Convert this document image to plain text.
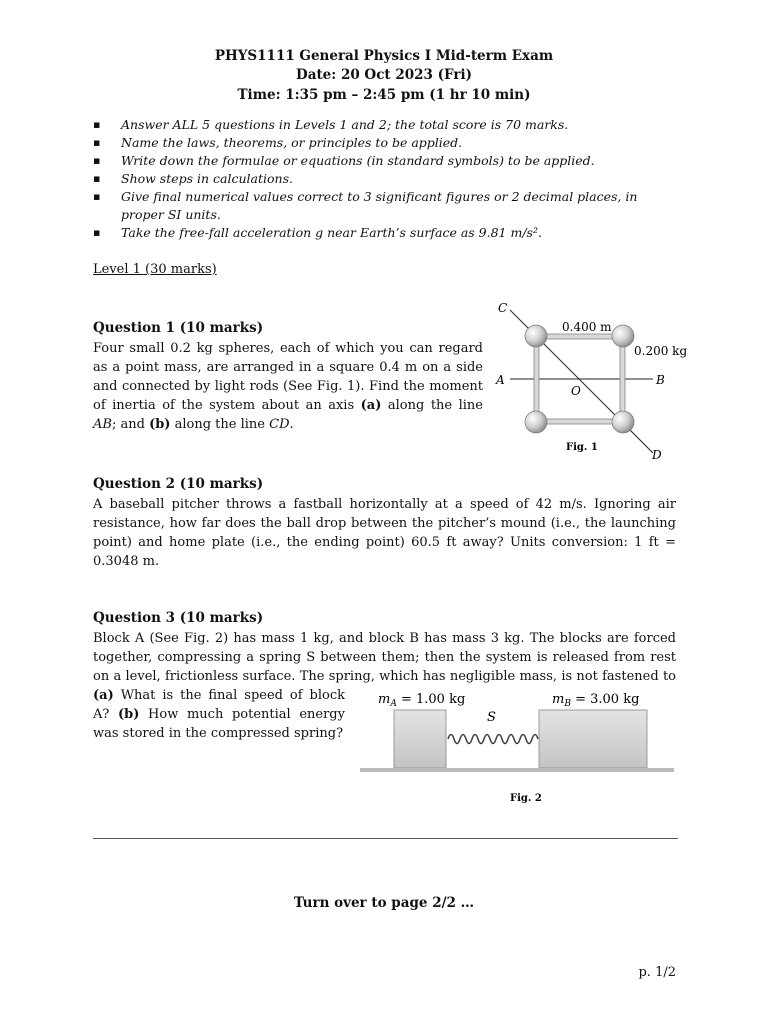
PHYS1111 General Physics I Mid-term Exam
Date: 20 Oct 2023 (Fri)
Time: 1:35 pm – 2:45 pm (1 hr 10 min)
▪ Answer ALL 5 questions in Levels 1 and 2; the total score is 70 marks.
▪ Name the laws, theorems, or principles to be applied.
▪ Write down the formulae or equations (in standard symbols) to be applied.
▪ Show steps in calculations.
▪ Give final numerical values correct to 3 significant figures or 2 decimal places, in proper SI units.
▪ Take the free-fall acceleration g near Earth’s surface as 9.81 m/s².
Level 1 (30 marks)
Question 1 (10 marks)
Four small 0.2 kg spheres, each of which you can regard as a point mass, are arranged in a square 0.4 m on a side and connected by light rods (See Fig. 1). Find the moment of inertia of the system about an axis (a) along the line AB; and (b) along the line CD.
0.400 m
0.200 kg
A	B
C
D
O
Fig. 1
Question 2 (10 marks)
A baseball pitcher throws a fastball horizontally at a speed of 42 m/s. Ignoring air resistance, how far does the ball drop between the pitcher’s mound (i.e., the launching point) and home plate (i.e., the ending point) 60.5 ft away? Units conversion: 1 ft = 0.3048 m.
Question 3 (10 marks)
Block A (See Fig. 2) has mass 1 kg, and block B has mass 3 kg. The blocks are forced together, compressing a spring S between them; then the system is released from rest on a level, frictionless surface. The spring, which has negligible mass, is not fastened to
(a) What is the final speed of block A? (b) How much potential energy was stored in the compressed spring?
$m_A = 1.00$ kg	$m_B = 3.00$ kg
S
Fig. 2
Turn over to page 2/2 …
p. 1/2
